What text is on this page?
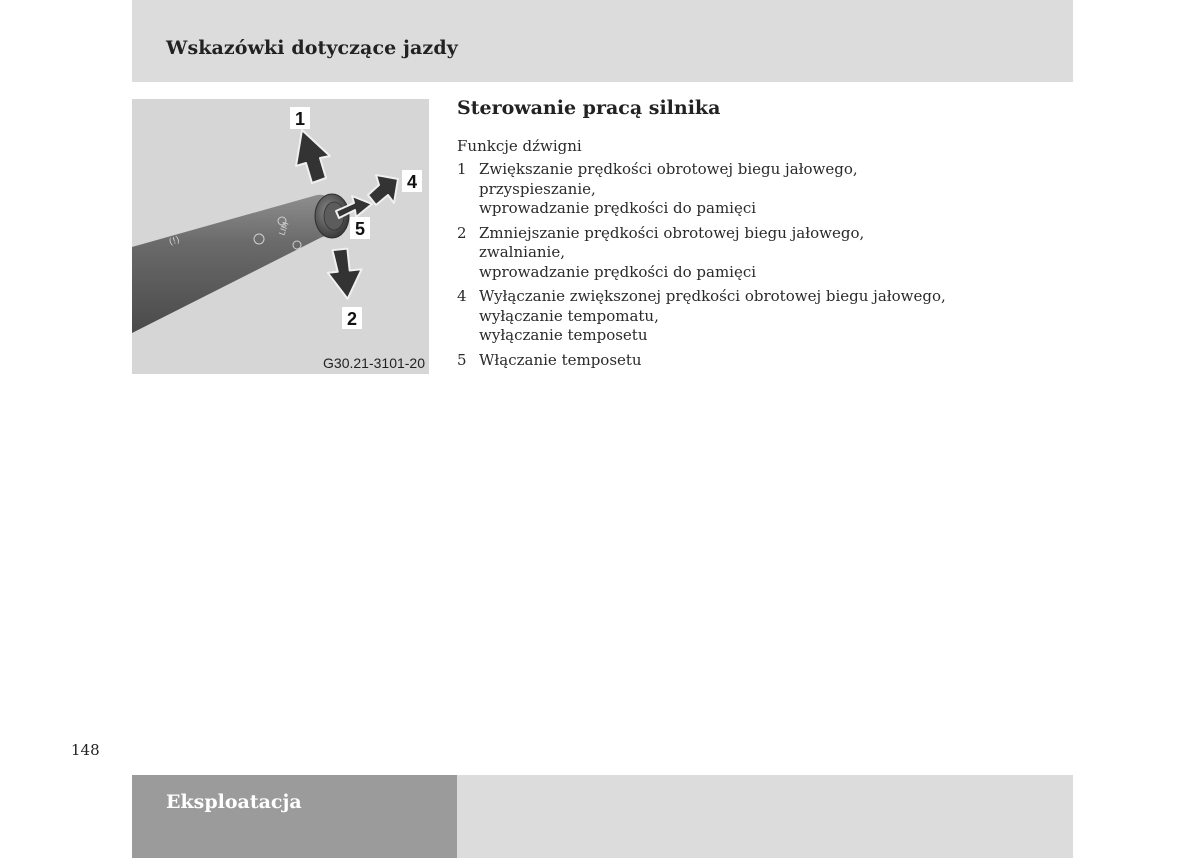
Wskazówki dotyczące jazdy
(!)
LIM
1
2
4
5
G30.21-3101-20
Sterowanie pracą silnika
Funkcje dźwigni
1 Zwiększanie prędkości obrotowej biegu jałowego,
przyspieszanie,
wprowadzanie prędkości do pamięci
2 Zmniejszanie prędkości obrotowej biegu jałowego,
zwalnianie,
wprowadzanie prędkości do pamięci
4 Wyłączanie zwiększonej prędkości obrotowej biegu jałowego,
wyłączanie tempomatu,
wyłączanie temposetu
5 Włączanie temposetu
148
Eksploatacja
